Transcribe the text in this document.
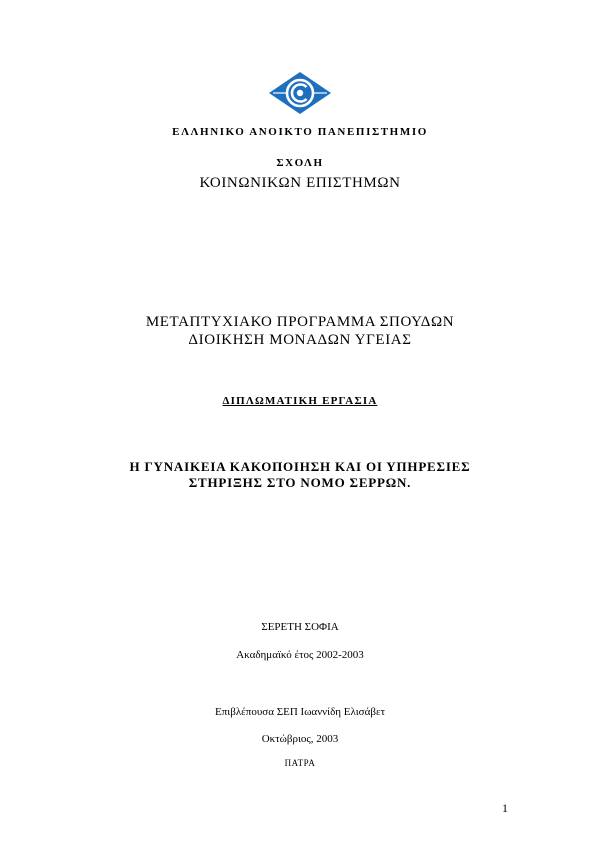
ΕΛΛΗΝΙΚΟ ΑΝΟΙΚΤΟ ΠΑΝΕΠΙΣΤΗΜΙΟ
ΣΧΟΛΗ
ΚΟΙΝΩΝΙΚΩΝ ΕΠΙΣΤΗΜΩΝ
ΜΕΤΑΠΤΥΧΙΑΚΟ ΠΡΟΓΡΑΜΜΑ ΣΠΟΥΔΩΝ
ΔΙΟΙΚΗΣΗ ΜΟΝΑΔΩΝ ΥΓΕΙΑΣ
ΔΙΠΛΩΜΑΤΙΚΗ ΕΡΓΑΣΙΑ
Η ΓΥΝΑΙΚΕΙΑ ΚΑΚΟΠΟΙΗΣΗ ΚΑΙ ΟΙ ΥΠΗΡΕΣΙΕΣ
ΣΤΗΡΙΞΗΣ ΣΤΟ ΝΟΜΟ ΣΕΡΡΩΝ.
ΣΕΡΕΤΗ ΣΟΦΙΑ
Ακαδημαϊκό έτος 2002-2003
Επιβλέπουσα ΣΕΠ Ιωαννίδη Ελισάβετ
Οκτώβριος, 2003
ΠΑΤΡΑ
1
